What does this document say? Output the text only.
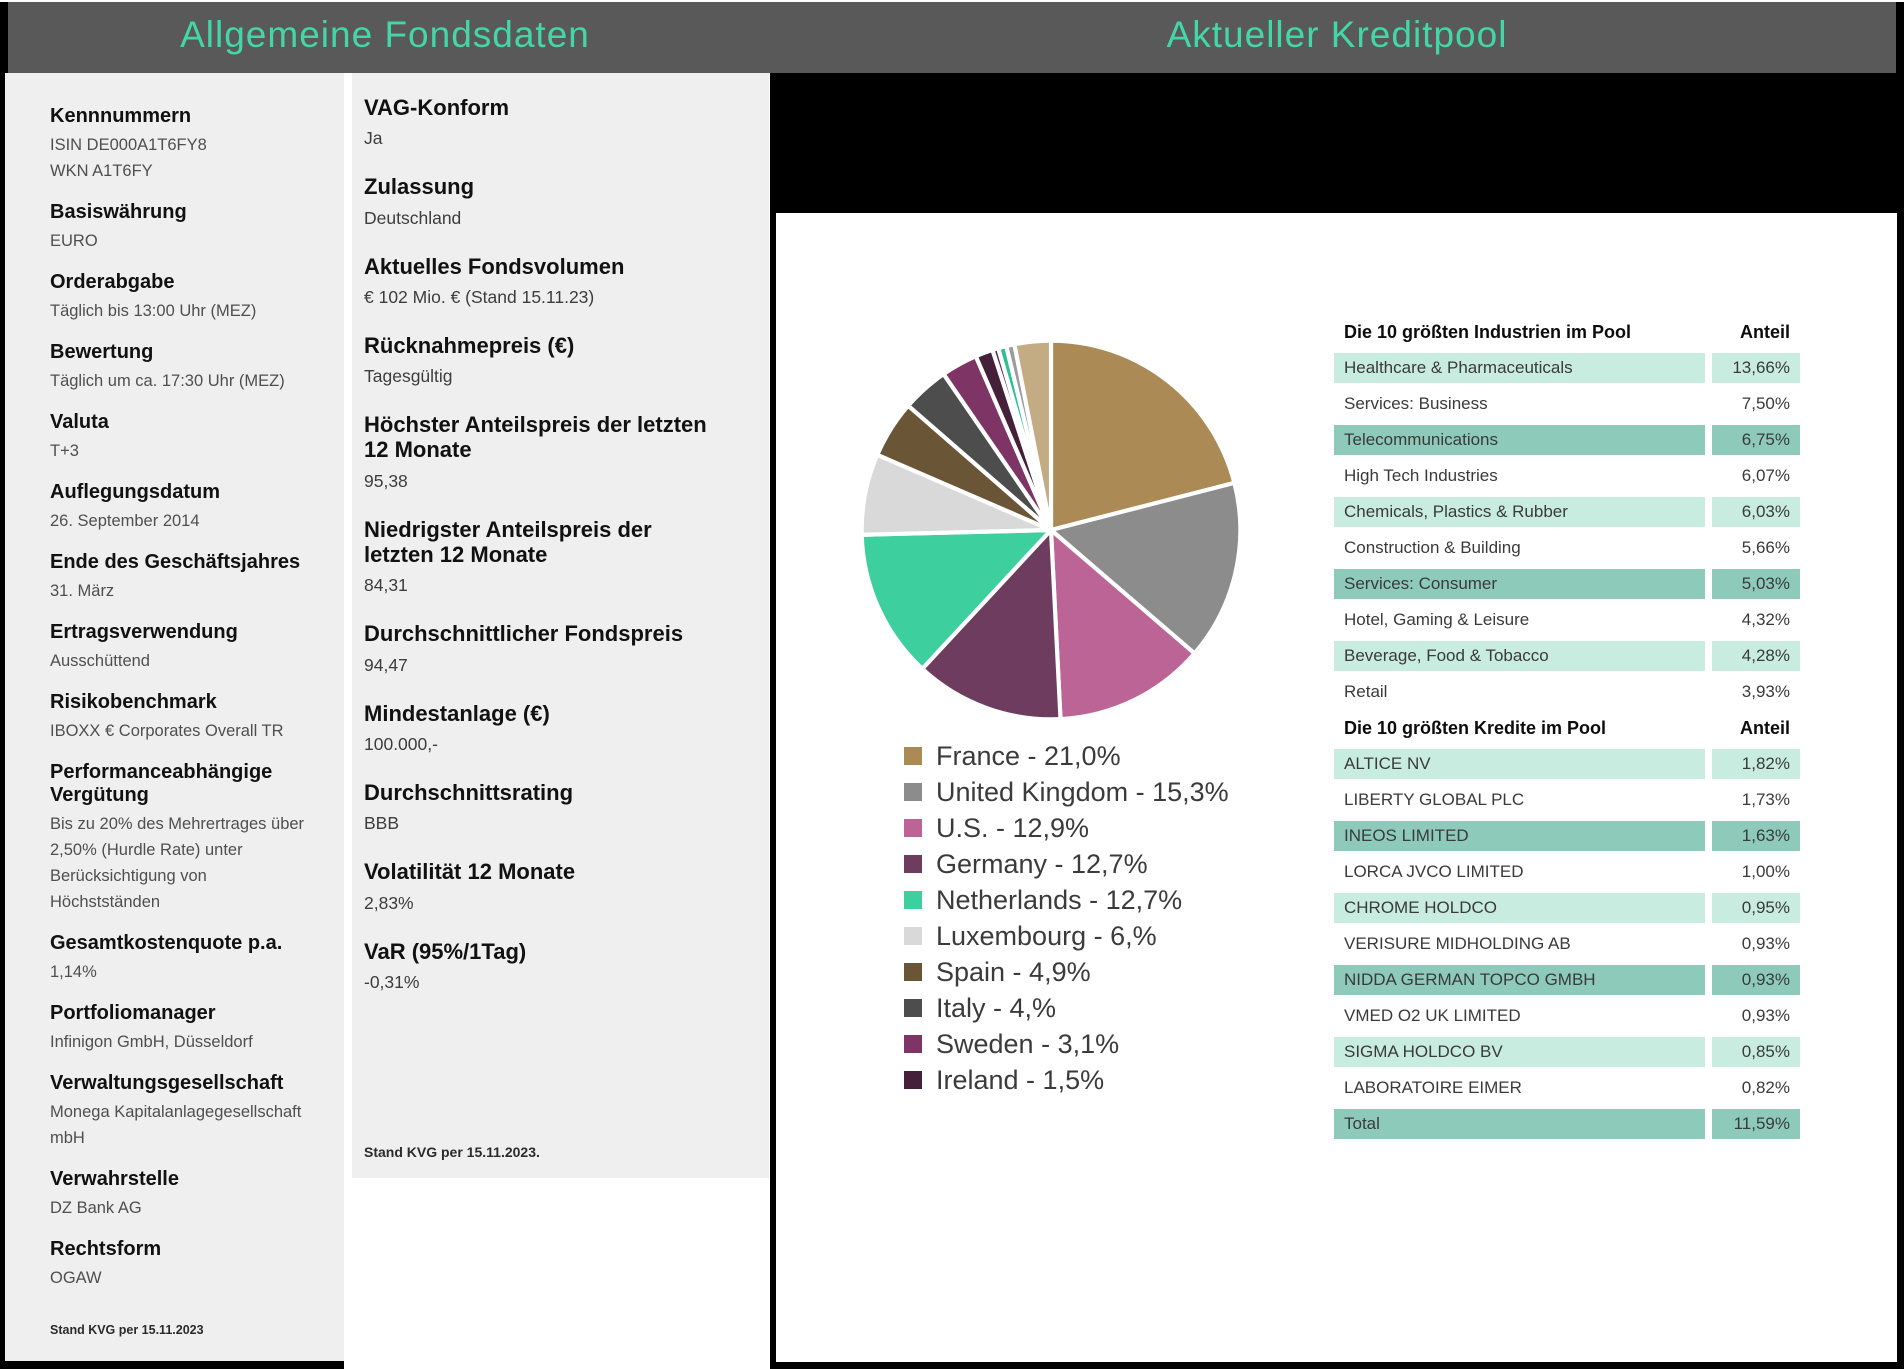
Allgemeine Fondsdaten	Aktueller Kreditpool
Kennnummern
ISIN DE000A1T6FY8
WKN A1T6FY
Basiswährung
EURO
Orderabgabe
Täglich bis 13:00 Uhr (MEZ)
Bewertung
Täglich um ca. 17:30 Uhr (MEZ)
Valuta
T+3
Auflegungsdatum
26. September 2014
Ende des Geschäftsjahres
31. März
Ertragsverwendung
Ausschüttend
Risikobenchmark
IBOXX € Corporates Overall TR
Performanceabhängige Vergütung
Bis zu 20% des Mehrertrages über
2,50% (Hurdle Rate) unter
Berücksichtigung von
Höchstständen
Gesamtkostenquote p.a.
1,14%
Portfoliomanager
Infinigon GmbH, Düsseldorf
Verwaltungsgesellschaft
Monega Kapitalanlagegesellschaft
mbH
Verwahrstelle
DZ Bank AG
Rechtsform
OGAW
Stand KVG per 15.11.2023
VAG-Konform
Ja
Zulassung
Deutschland
Aktuelles Fondsvolumen
€ 102 Mio. € (Stand 15.11.23)
Rücknahmepreis (€)
Tagesgültig
Höchster Anteilspreis der letzten 12 Monate
95,38
Niedrigster Anteilspreis der letzten 12 Monate
84,31
Durchschnittlicher Fondspreis
94,47
Mindestanlage (€)
100.000,-
Durchschnittsrating
BBB
Volatilität 12 Monate
2,83%
VaR (95%/1Tag)
-0,31%
Stand KVG per 15.11.2023.
France - 21,0%
United Kingdom - 15,3%
U.S. - 12,9%
Germany - 12,7%
Netherlands - 12,7%
Luxembourg - 6,%
Spain - 4,9%
Italy - 4,%
Sweden - 3,1%
Ireland - 1,5%
Die 10 größten Industrien im Pool	Anteil
Healthcare & Pharmaceuticals	13,66%
Services: Business	7,50%
Telecommunications	6,75%
High Tech Industries	6,07%
Chemicals, Plastics & Rubber	6,03%
Construction & Building	5,66%
Services: Consumer	5,03%
Hotel, Gaming & Leisure	4,32%
Beverage, Food & Tobacco	4,28%
Retail	3,93%
Die 10 größten Kredite im Pool	Anteil
ALTICE NV	1,82%
LIBERTY GLOBAL PLC	1,73%
INEOS LIMITED	1,63%
LORCA JVCO LIMITED	1,00%
CHROME HOLDCO	0,95%
VERISURE MIDHOLDING AB	0,93%
NIDDA GERMAN TOPCO GMBH	0,93%
VMED O2 UK LIMITED	0,93%
SIGMA HOLDCO BV	0,85%
LABORATOIRE EIMER	0,82%
Total	11,59%
